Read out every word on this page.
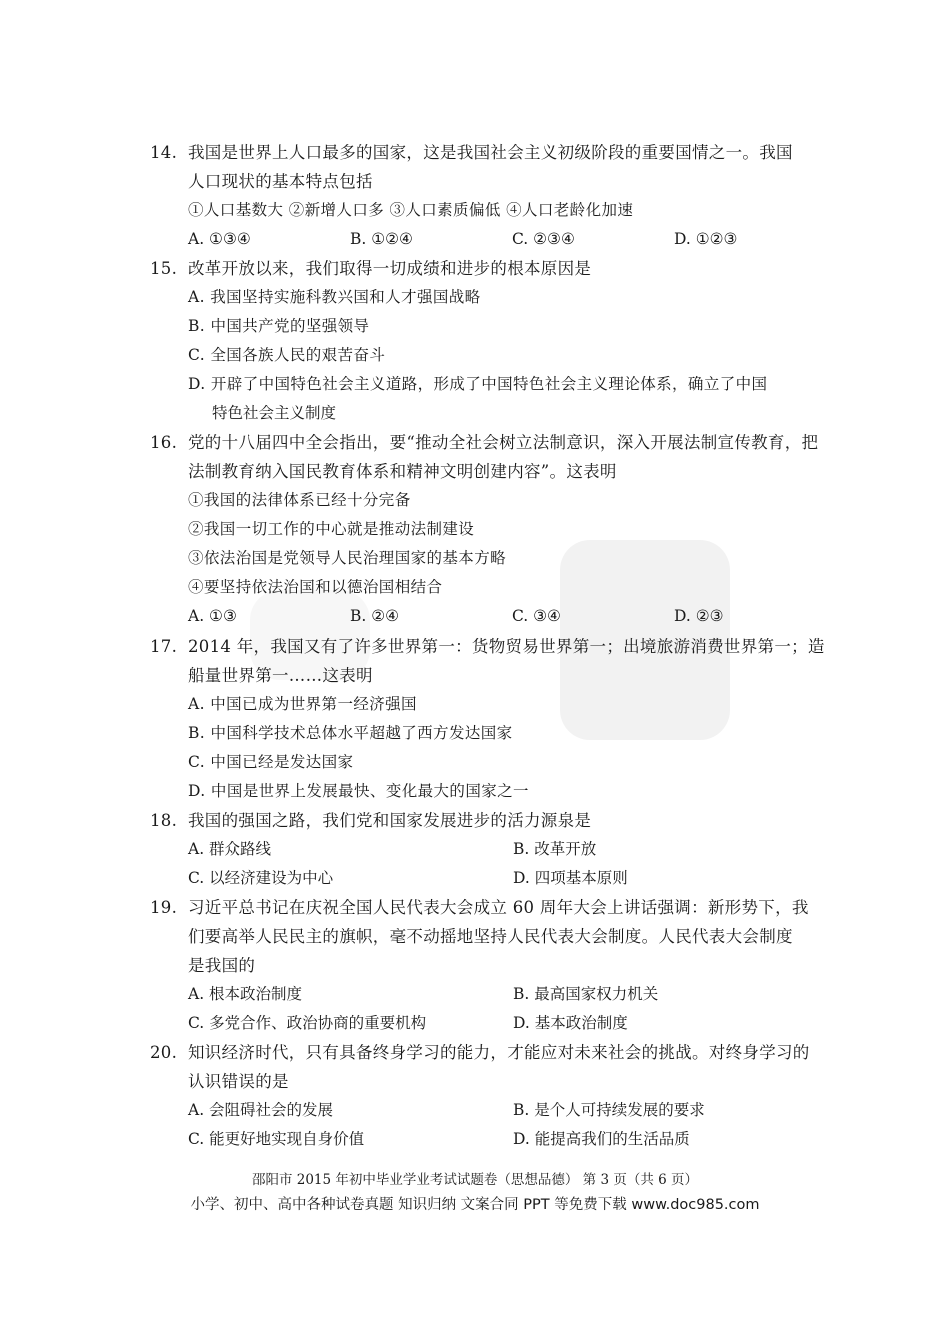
14. 我国是世界上人口最多的国家，这是我国社会主义初级阶段的重要国情之一。我国
人口现状的基本特点包括
①人口基数大 ②新增人口多 ③人口素质偏低 ④人口老龄化加速
A. ①③④	B. ①②④	C. ②③④	D. ①②③
15. 改革开放以来，我们取得一切成绩和进步的根本原因是
A. 我国坚持实施科教兴国和人才强国战略
B. 中国共产党的坚强领导
C. 全国各族人民的艰苦奋斗
D. 开辟了中国特色社会主义道路，形成了中国特色社会主义理论体系，确立了中国
特色社会主义制度
16. 党的十八届四中全会指出，要“推动全社会树立法制意识，深入开展法制宣传教育，把
法制教育纳入国民教育体系和精神文明创建内容”。这表明
①我国的法律体系已经十分完备
②我国一切工作的中心就是推动法制建设
③依法治国是党领导人民治理国家的基本方略
④要坚持依法治国和以德治国相结合
A. ①③	B. ②④	C. ③④	D. ②③
17. 2014 年，我国又有了许多世界第一：货物贸易世界第一；出境旅游消费世界第一；造
船量世界第一……这表明
A. 中国已成为世界第一经济强国
B. 中国科学技术总体水平超越了西方发达国家
C. 中国已经是发达国家
D. 中国是世界上发展最快、变化最大的国家之一
18. 我国的强国之路，我们党和国家发展进步的活力源泉是
A. 群众路线	B. 改革开放
C. 以经济建设为中心	D. 四项基本原则
19. 习近平总书记在庆祝全国人民代表大会成立 60 周年大会上讲话强调：新形势下，我
们要高举人民民主的旗帜，毫不动摇地坚持人民代表大会制度。人民代表大会制度
是我国的
A. 根本政治制度	B. 最高国家权力机关
C. 多党合作、政治协商的重要机构	D. 基本政治制度
20. 知识经济时代，只有具备终身学习的能力，才能应对未来社会的挑战。对终身学习的
认识错误的是
A. 会阻碍社会的发展	B. 是个人可持续发展的要求
C. 能更好地实现自身价值	D. 能提高我们的生活品质
邵阳市 2015 年初中毕业学业考试试题卷（思想品德） 第 3 页（共 6 页）
小学、初中、高中各种试卷真题 知识归纳 文案合同 PPT 等免费下载 www.doc985.com
